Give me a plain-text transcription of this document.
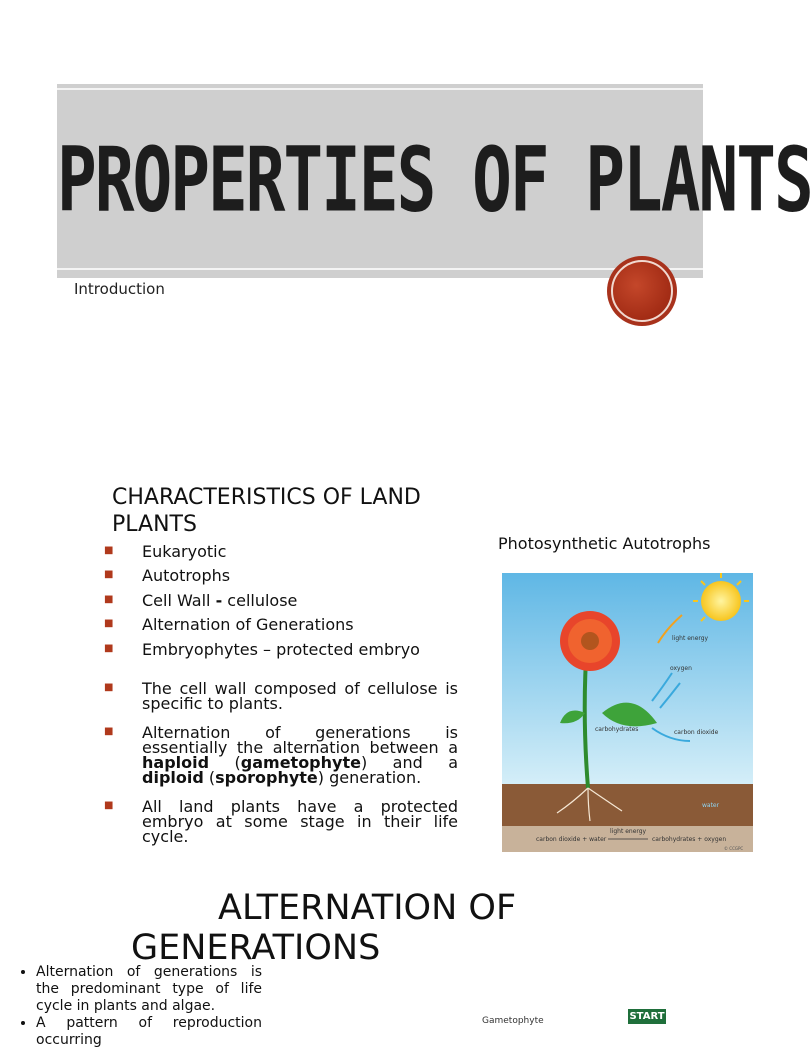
PROPERTIES OF PLANTS
Introduction
CHARACTERISTICS OF LAND PLANTS
■ Eukaryotic
■ Autotrophs
■ Cell Wall - cellulose
■ Alternation of Generations
■ Embryophytes – protected embryo
■ The cell wall composed of cellulose is specific to plants.
■ Alternation of generations is essentially the alternation between a haploid (gametophyte) and a diploid (sporophyte) generation.
■ All land plants have a protected embryo at some stage in their life cycle.
Photosynthetic Autotrophs
light energy
oxygen
carbohydrates	carbon dioxide
water
light energy
carbon dioxide + water	carbohydrates + oxygen
© CCGPC
ALTERNATION OF
GENERATIONS
• Alternation of generations is the predominant type of life cycle in plants and algae.
• A pattern of reproduction occurring
Gametophyte	START
